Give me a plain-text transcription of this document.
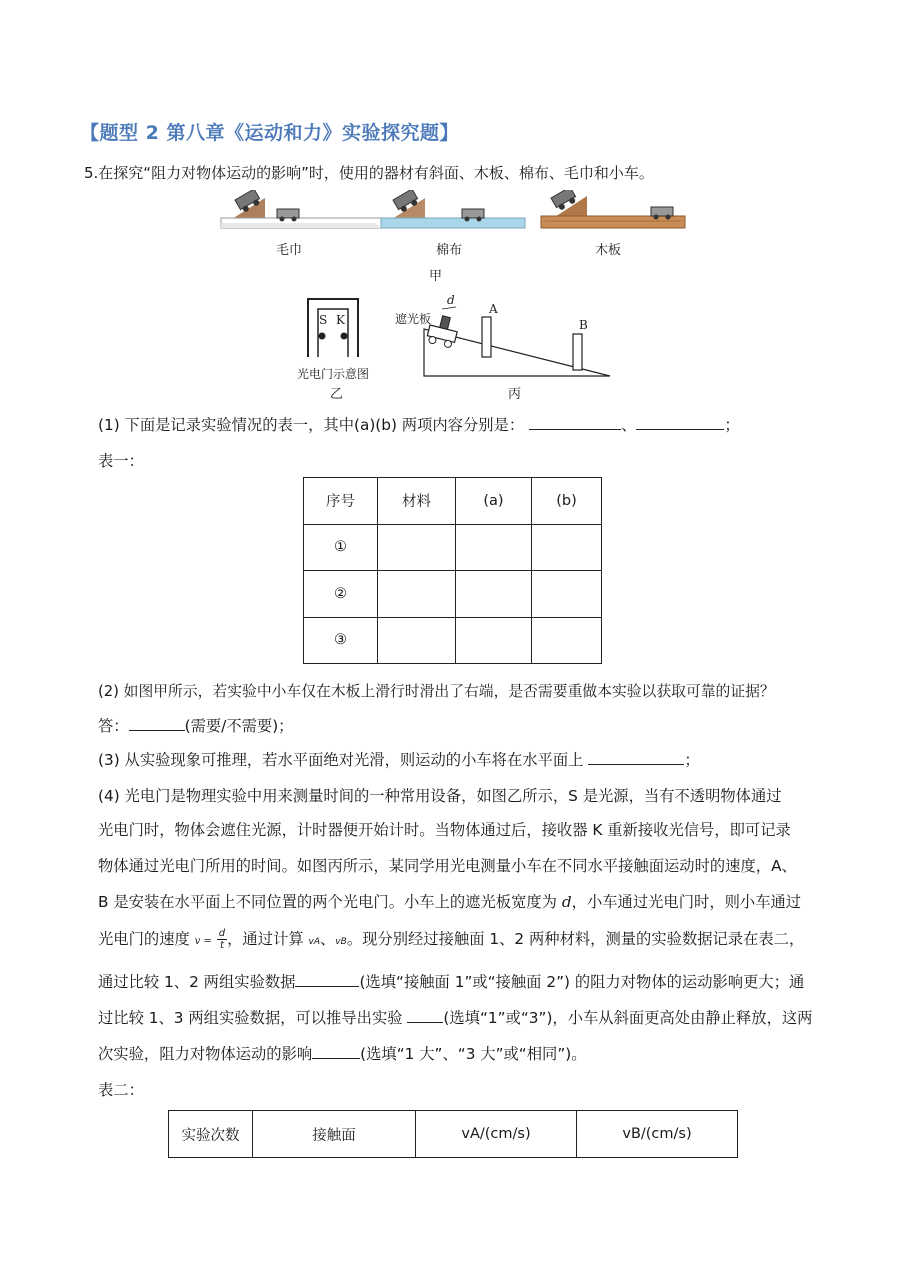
【题型 2 第八章《运动和力》实验探究题】
5.在探究“阻力对物体运动的影响”时，使用的器材有斜面、木板、棉布、毛巾和小车。
毛巾	棉布	木板
甲
S K
光电门示意图
乙
遮光板
d
A
B
丙
(1) 下面是记录实验情况的表一，其中(a)(b) 两项内容分别是：	、	；
表一：
序号	材料	(a)	(b)
①			
②			
③			
(2) 如图甲所示，若实验中小车仅在木板上滑行时滑出了右端，是否需要重做本实验以获取可靠的证据？
答：	(需要/不需要)；
(3) 从实验现象可推理，若水平面绝对光滑，则运动的小车将在水平面上	；
(4) 光电门是物理实验中用来测量时间的一种常用设备，如图乙所示，S 是光源，当有不透明物体通过
光电门时，物体会遮住光源，计时器便开始计时。当物体通过后，接收器 K 重新接收光信号，即可记录
物体通过光电门所用的时间。如图丙所示，某同学用光电测量小车在不同水平接触面运动时的速度，A、
B 是安装在水平面上不同位置的两个光电门。小车上的遮光板宽度为 d，小车通过光电门时，则小车通过
光电门的速度 $v = \frac{d}{t}$ ，通过计算 vA、vB。现分别经过接触面 1、2 两种材料，测量的实验数据记录在表二，
通过比较 1、2 两组实验数据	(选填“接触面 1”或“接触面 2”) 的阻力对物体的运动影响更大；通
过比较 1、3 两组实验数据，可以推导出实验	(选填“1”或“3”)，小车从斜面更高处由静止释放，这两
次实验，阻力对物体运动的影响	(选填“1 大”、“3 大”或“相同”)。
表二：
实验次数	接触面	vA/(cm/s)	vB/(cm/s)
